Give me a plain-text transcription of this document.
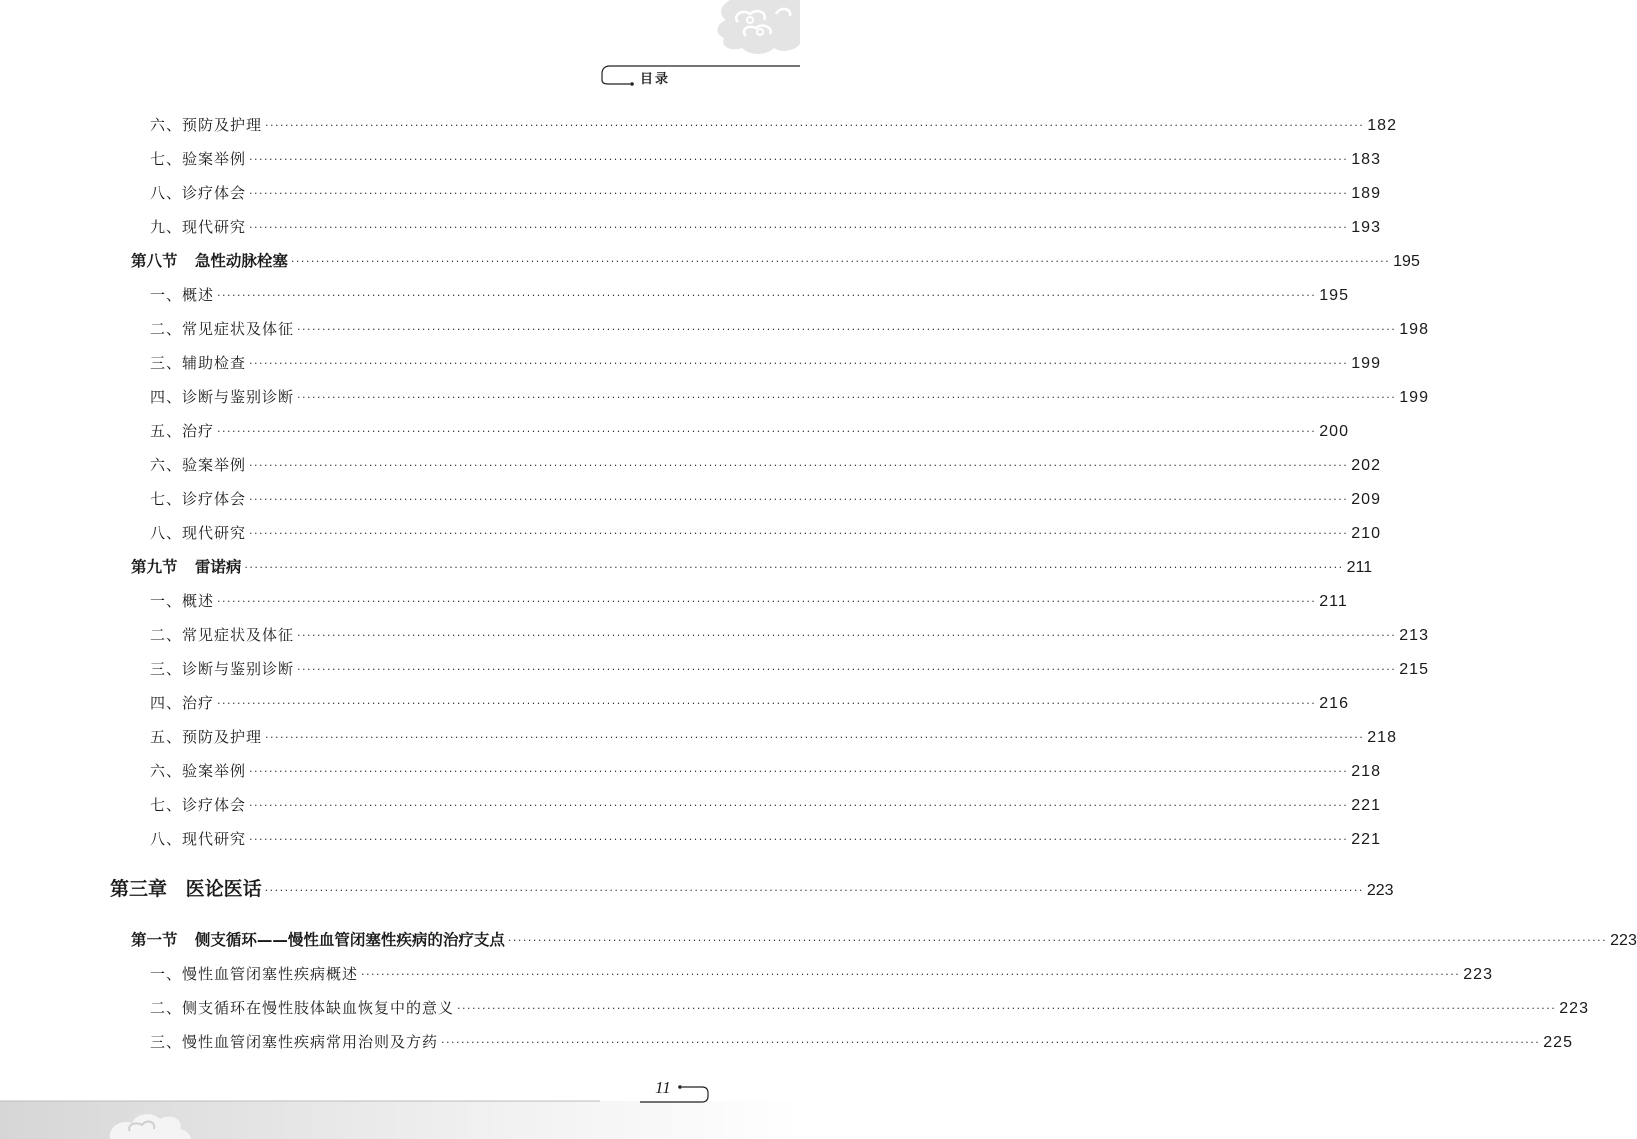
目录
六、预防及护理 ···························································································································································································································· 182
七、验案举例 ···························································································································································································································· 183
八、诊疗体会 ···························································································································································································································· 189
九、现代研究 ···························································································································································································································· 193
第八节 急性动脉栓塞 ···························································································································································································································· 195
一、概述 ···························································································································································································································· 195
二、常见症状及体征 ···························································································································································································································· 198
三、辅助检查 ···························································································································································································································· 199
四、诊断与鉴别诊断 ···························································································································································································································· 199
五、治疗 ···························································································································································································································· 200
六、验案举例 ···························································································································································································································· 202
七、诊疗体会 ···························································································································································································································· 209
八、现代研究 ···························································································································································································································· 210
第九节 雷诺病 ···························································································································································································································· 211
一、概述 ···························································································································································································································· 211
二、常见症状及体征 ···························································································································································································································· 213
三、诊断与鉴别诊断 ···························································································································································································································· 215
四、治疗 ···························································································································································································································· 216
五、预防及护理 ···························································································································································································································· 218
六、验案举例 ···························································································································································································································· 218
七、诊疗体会 ···························································································································································································································· 221
八、现代研究 ···························································································································································································································· 221
第三章 医论医话 ···························································································································································································································· 223
第一节 侧支循环——慢性血管闭塞性疾病的治疗支点 ···························································································································································································································· 223
一、慢性血管闭塞性疾病概述 ···························································································································································································································· 223
二、侧支循环在慢性肢体缺血恢复中的意义 ···························································································································································································································· 223
三、慢性血管闭塞性疾病常用治则及方药 ···························································································································································································································· 225
11
